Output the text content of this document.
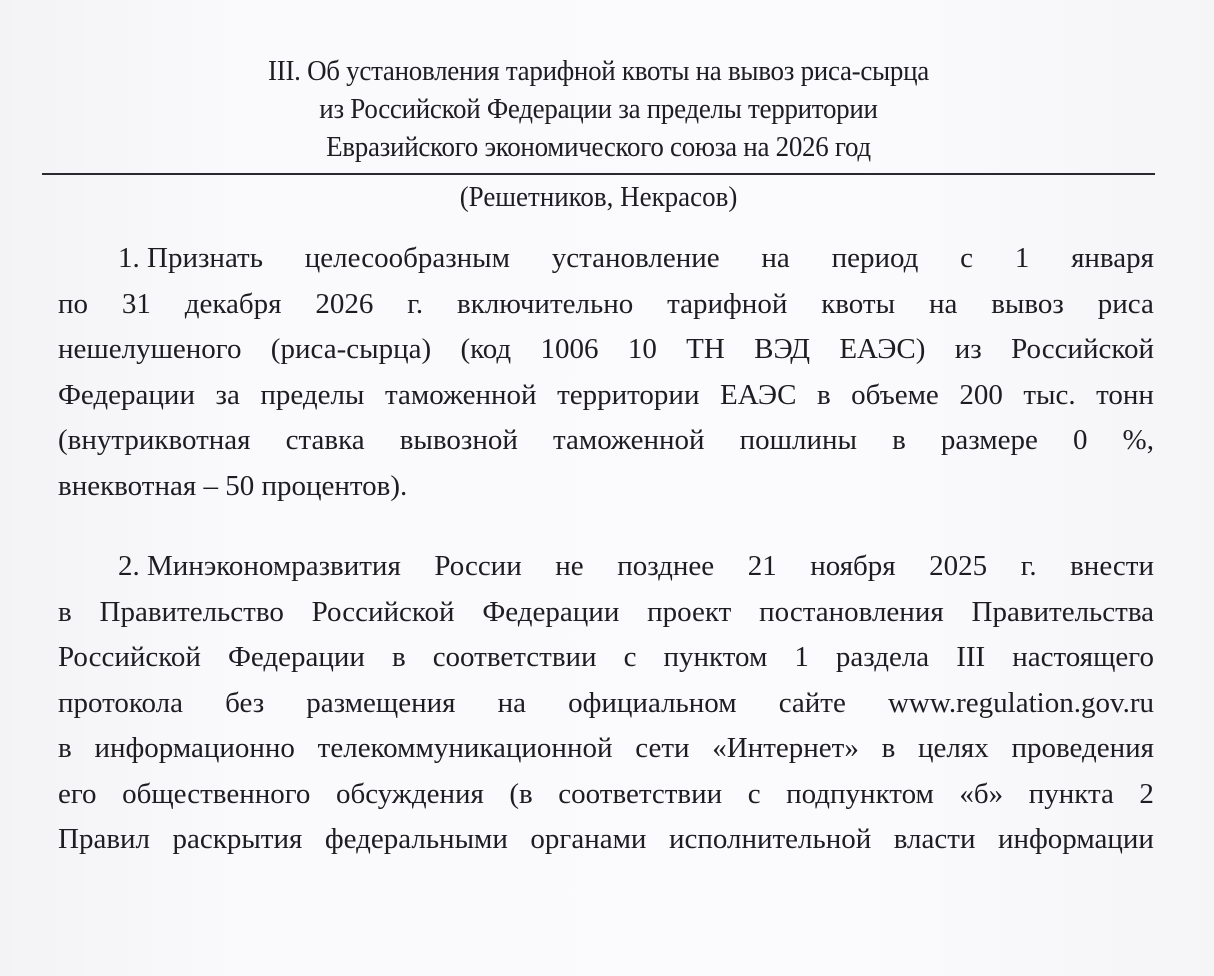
III. Об установления тарифной квоты на вывоз риса-сырца
из Российской Федерации за пределы территории
Евразийского экономического союза на 2026 год
(Решетников, Некрасов)
1. Признать целесообразным установление на период с 1 января
по 31 декабря 2026 г. включительно тарифной квоты на вывоз риса
нешелушеного (риса-сырца) (код 1006 10 ТН ВЭД ЕАЭС) из Российской
Федерации за пределы таможенной территории ЕАЭС в объеме 200 тыс. тонн
(внутриквотная ставка вывозной таможенной пошлины в размере 0 %,
внеквотная – 50 процентов).
2. Минэкономразвития России не позднее 21 ноября 2025 г. внести
в Правительство Российской Федерации проект постановления Правительства
Российской Федерации в соответствии с пунктом 1 раздела III настоящего
протокола без размещения на официальном сайте www.regulation.gov.ru
в информационно телекоммуникационной сети «Интернет» в целях проведения
его общественного обсуждения (в соответствии с подпунктом «б» пункта 2
Правил раскрытия федеральными органами исполнительной власти информации
